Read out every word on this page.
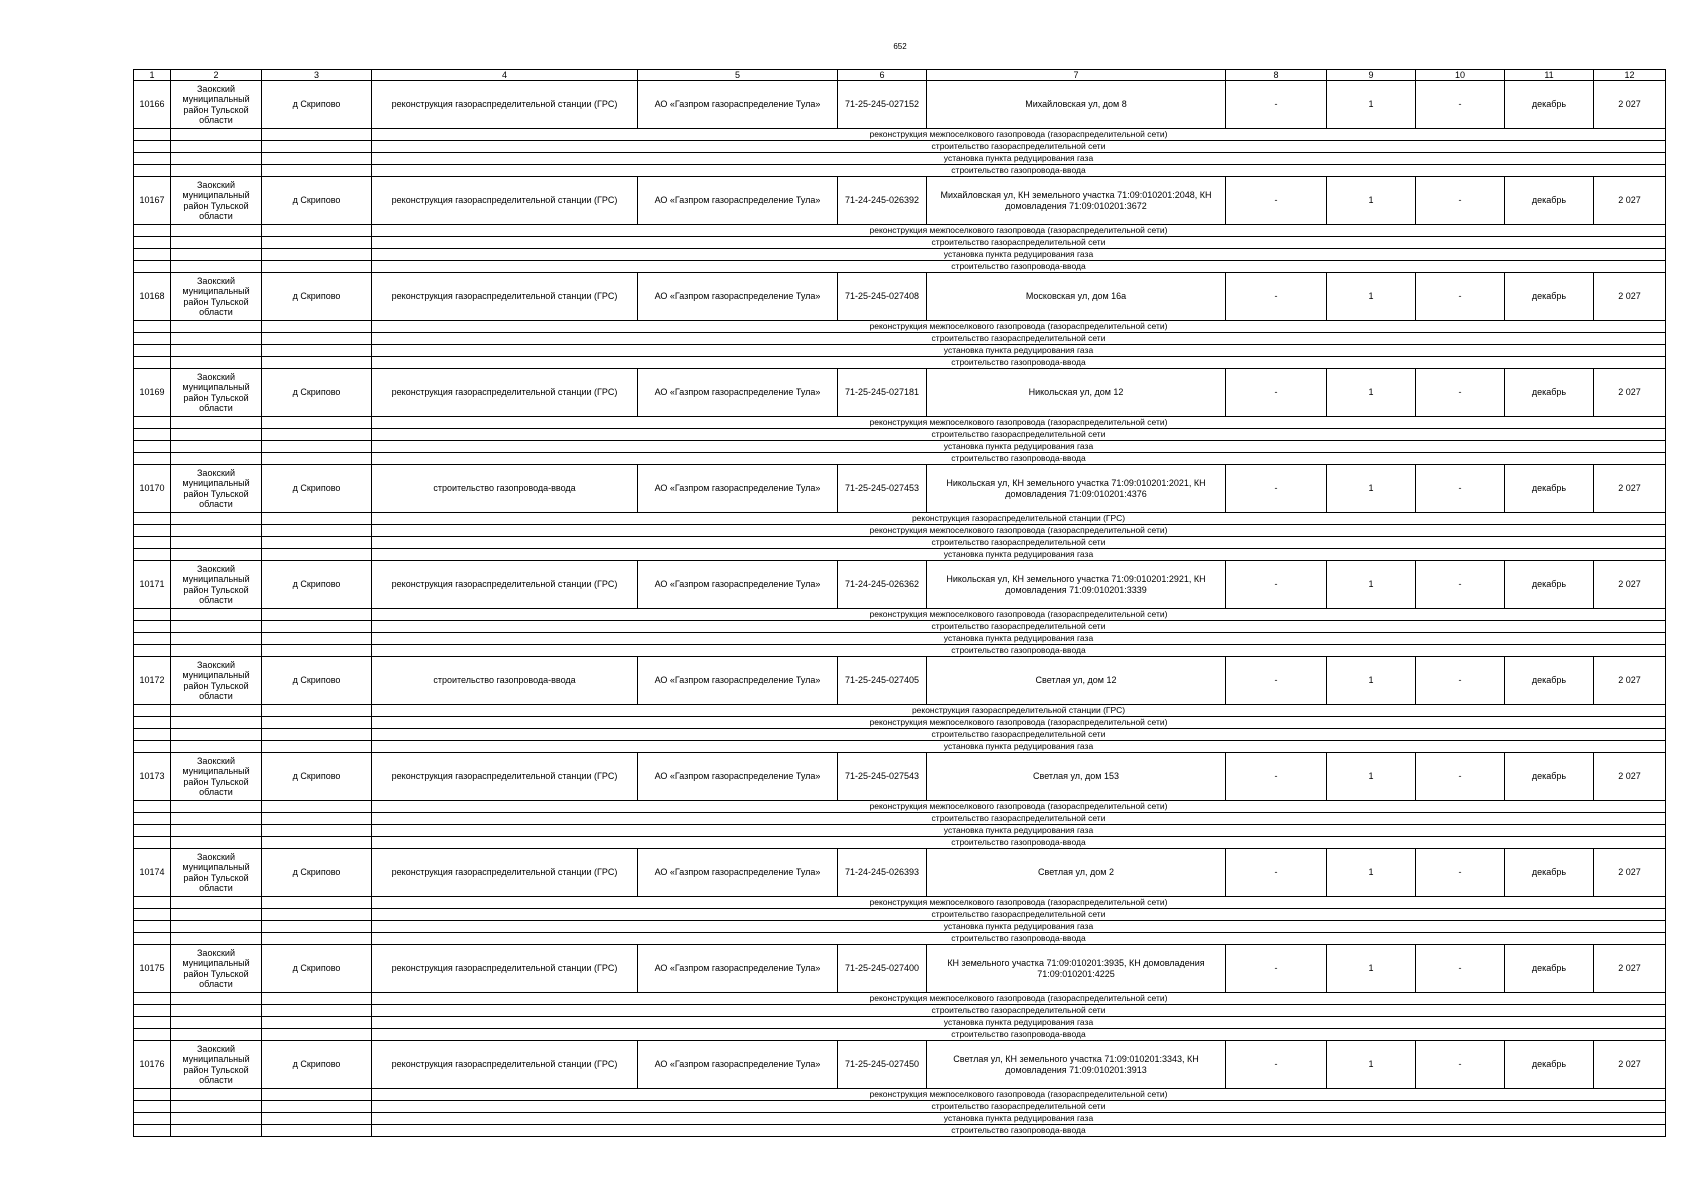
652
1	2	3	4	5	6	7	8	9	10	11	12
10166	Заокский муниципальный район Тульской области	д Скрипово	реконструкция газораспределительной станции (ГРС)	АО «Газпром газораспределение Тула»	71-25-245-027152	Михайловская ул, дом 8	-	1	-	декабрь	2 027
			реконструкция межпоселкового газопровода (газораспределительной сети)								
			строительство газораспределительной сети								
			установка пункта редуцирования газа								
			строительство газопровода-ввода								
10167	Заокский муниципальный район Тульской области	д Скрипово	реконструкция газораспределительной станции (ГРС)	АО «Газпром газораспределение Тула»	71-24-245-026392	Михайловская ул, КН земельного участка 71:09:010201:2048, КН домовладения 71:09:010201:3672	-	1	-	декабрь	2 027
			реконструкция межпоселкового газопровода (газораспределительной сети)								
			строительство газораспределительной сети								
			установка пункта редуцирования газа								
			строительство газопровода-ввода								
10168	Заокский муниципальный район Тульской области	д Скрипово	реконструкция газораспределительной станции (ГРС)	АО «Газпром газораспределение Тула»	71-25-245-027408	Московская ул, дом 16а	-	1	-	декабрь	2 027
			реконструкция межпоселкового газопровода (газораспределительной сети)								
			строительство газораспределительной сети								
			установка пункта редуцирования газа								
			строительство газопровода-ввода								
10169	Заокский муниципальный район Тульской области	д Скрипово	реконструкция газораспределительной станции (ГРС)	АО «Газпром газораспределение Тула»	71-25-245-027181	Никольская ул, дом 12	-	1	-	декабрь	2 027
			реконструкция межпоселкового газопровода (газораспределительной сети)								
			строительство газораспределительной сети								
			установка пункта редуцирования газа								
			строительство газопровода-ввода								
10170	Заокский муниципальный район Тульской области	д Скрипово	строительство газопровода-ввода	АО «Газпром газораспределение Тула»	71-25-245-027453	Никольская ул, КН земельного участка 71:09:010201:2021, КН домовладения 71:09:010201:4376	-	1	-	декабрь	2 027
			реконструкция газораспределительной станции (ГРС)								
			реконструкция межпоселкового газопровода (газораспределительной сети)								
			строительство газораспределительной сети								
			установка пункта редуцирования газа								
10171	Заокский муниципальный район Тульской области	д Скрипово	реконструкция газораспределительной станции (ГРС)	АО «Газпром газораспределение Тула»	71-24-245-026362	Никольская ул, КН земельного участка 71:09:010201:2921, КН домовладения 71:09:010201:3339	-	1	-	декабрь	2 027
			реконструкция межпоселкового газопровода (газораспределительной сети)								
			строительство газораспределительной сети								
			установка пункта редуцирования газа								
			строительство газопровода-ввода								
10172	Заокский муниципальный район Тульской области	д Скрипово	строительство газопровода-ввода	АО «Газпром газораспределение Тула»	71-25-245-027405	Светлая ул, дом 12	-	1	-	декабрь	2 027
			реконструкция газораспределительной станции (ГРС)								
			реконструкция межпоселкового газопровода (газораспределительной сети)								
			строительство газораспределительной сети								
			установка пункта редуцирования газа								
10173	Заокский муниципальный район Тульской области	д Скрипово	реконструкция газораспределительной станции (ГРС)	АО «Газпром газораспределение Тула»	71-25-245-027543	Светлая ул, дом 153	-	1	-	декабрь	2 027
			реконструкция межпоселкового газопровода (газораспределительной сети)								
			строительство газораспределительной сети								
			установка пункта редуцирования газа								
			строительство газопровода-ввода								
10174	Заокский муниципальный район Тульской области	д Скрипово	реконструкция газораспределительной станции (ГРС)	АО «Газпром газораспределение Тула»	71-24-245-026393	Светлая ул, дом 2	-	1	-	декабрь	2 027
			реконструкция межпоселкового газопровода (газораспределительной сети)								
			строительство газораспределительной сети								
			установка пункта редуцирования газа								
			строительство газопровода-ввода								
10175	Заокский муниципальный район Тульской области	д Скрипово	реконструкция газораспределительной станции (ГРС)	АО «Газпром газораспределение Тула»	71-25-245-027400	КН земельного участка 71:09:010201:3935, КН домовладения 71:09:010201:4225	-	1	-	декабрь	2 027
			реконструкция межпоселкового газопровода (газораспределительной сети)								
			строительство газораспределительной сети								
			установка пункта редуцирования газа								
			строительство газопровода-ввода								
10176	Заокский муниципальный район Тульской области	д Скрипово	реконструкция газораспределительной станции (ГРС)	АО «Газпром газораспределение Тула»	71-25-245-027450	Светлая ул, КН земельного участка 71:09:010201:3343, КН домовладения 71:09:010201:3913	-	1	-	декабрь	2 027
			реконструкция межпоселкового газопровода (газораспределительной сети)								
			строительство газораспределительной сети								
			установка пункта редуцирования газа								
			строительство газопровода-ввода								
